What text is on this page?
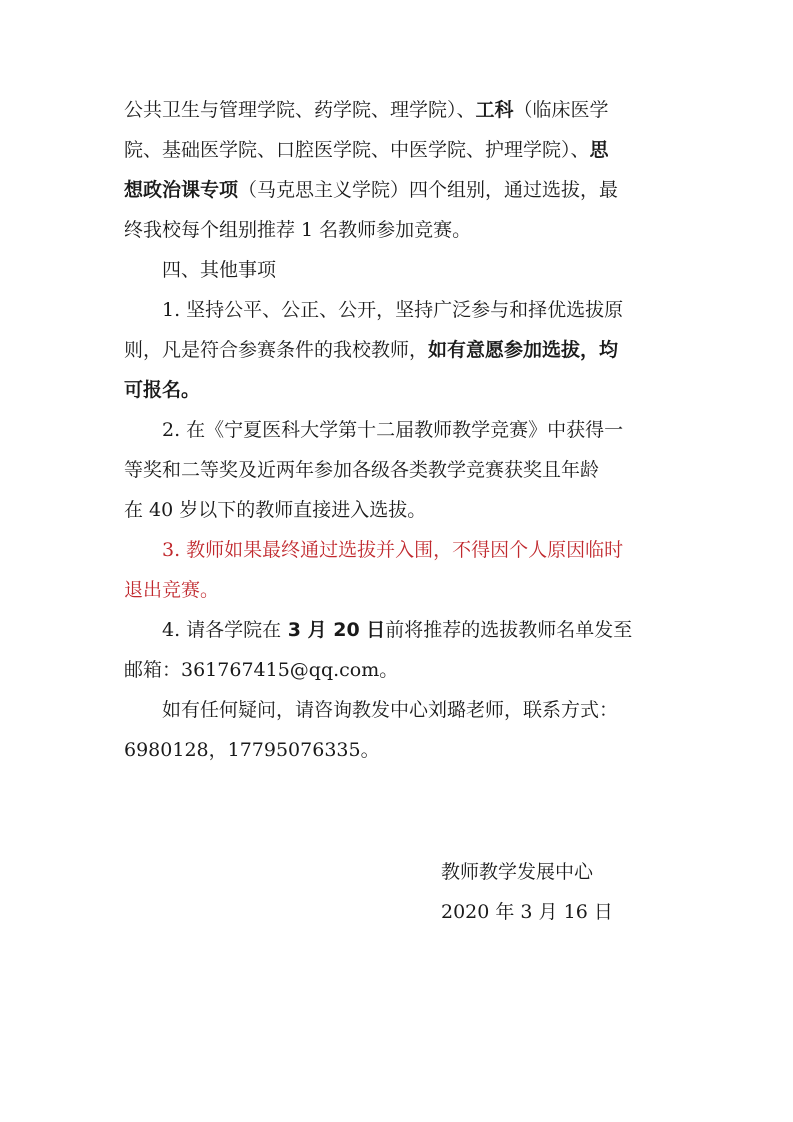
公共卫生与管理学院、药学院、理学院）、工科（临床医学
院、基础医学院、口腔医学院、中医学院、护理学院）、思
想政治课专项（马克思主义学院）四个组别，通过选拔，最
终我校每个组别推荐 1 名教师参加竞赛。
四、其他事项
1. 坚持公平、公正、公开，坚持广泛参与和择优选拔原
则，凡是符合参赛条件的我校教师，如有意愿参加选拔，均
可报名。
2. 在《宁夏医科大学第十二届教师教学竞赛》中获得一
等奖和二等奖及近两年参加各级各类教学竞赛获奖且年龄
在 40 岁以下的教师直接进入选拔。
3. 教师如果最终通过选拔并入围，不得因个人原因临时
退出竞赛。
4. 请各学院在 3 月 20 日前将推荐的选拔教师名单发至
邮箱：361767415@qq.com。
如有任何疑问，请咨询教发中心刘璐老师，联系方式：
6980128，17795076335。
教师教学发展中心
2020 年 3 月 16 日
